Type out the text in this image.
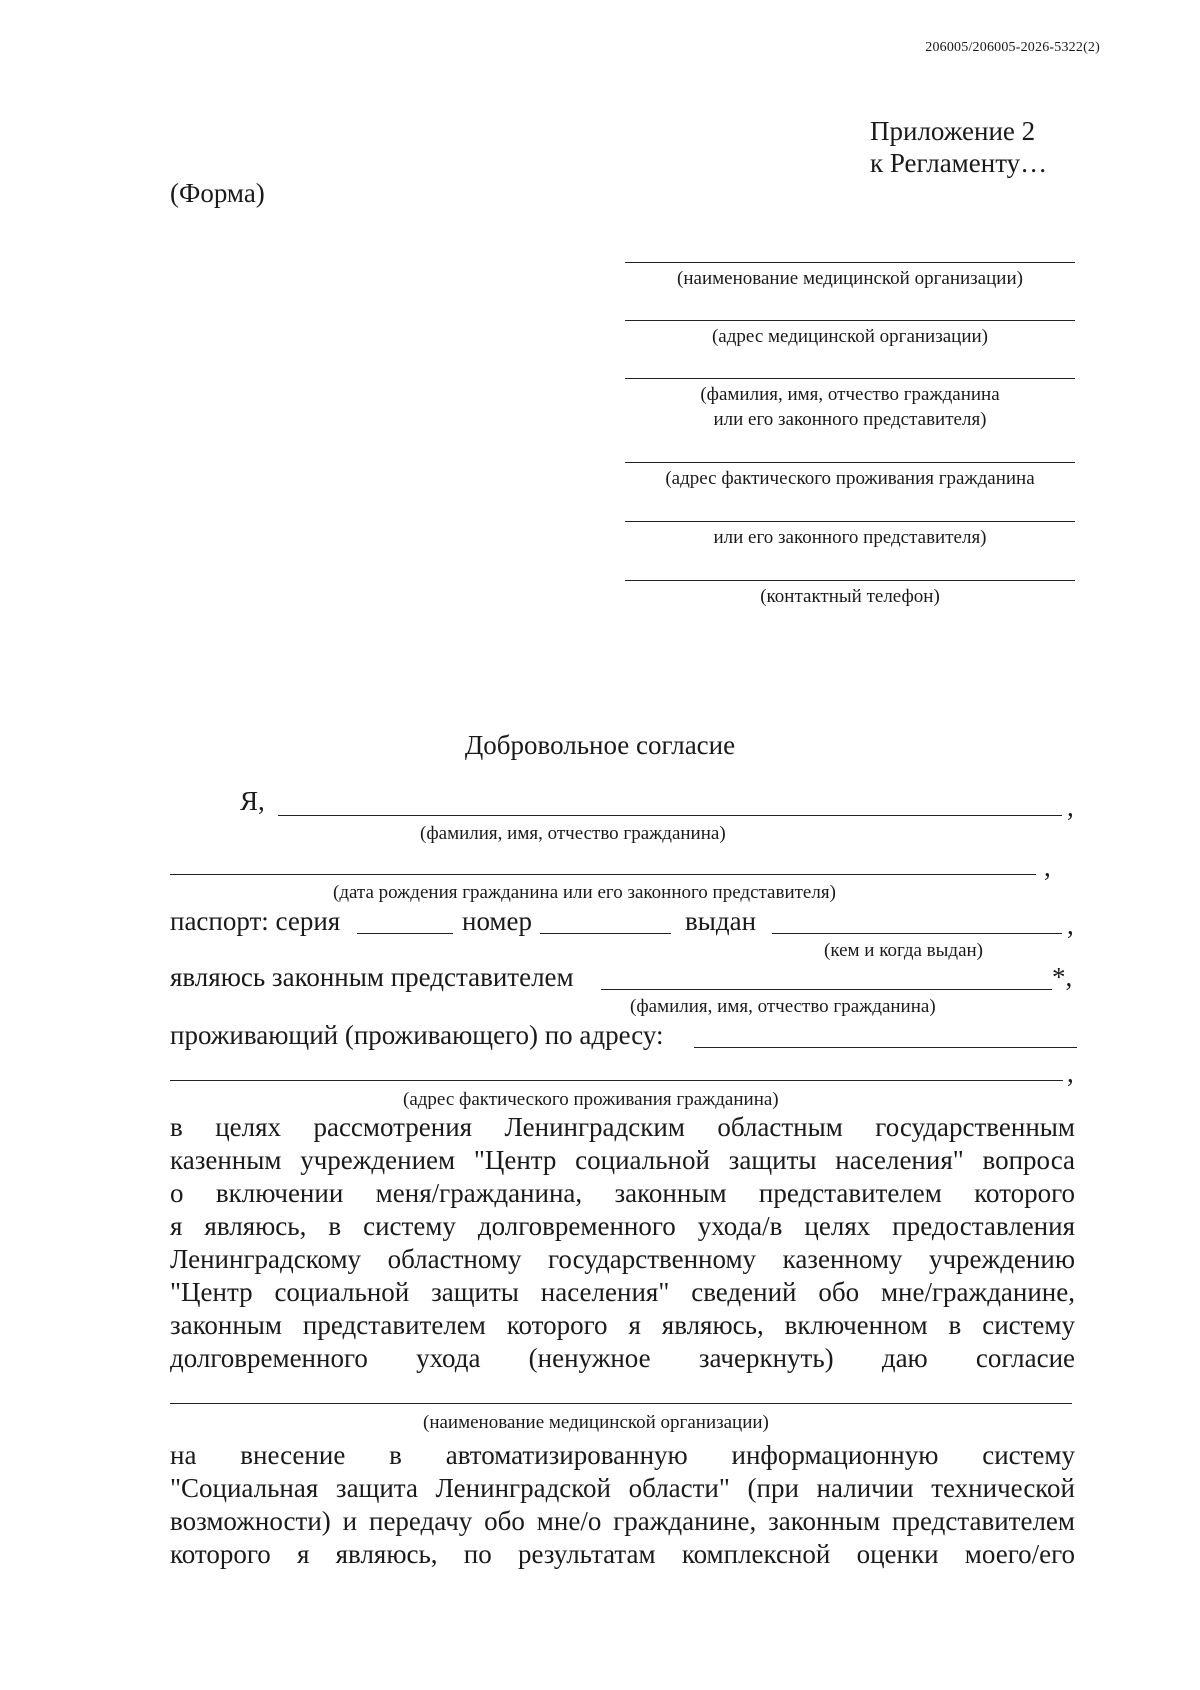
206005/206005-2026-5322(2)
Приложение 2
к Регламенту…
(Форма)
(наименование медицинской организации)
(адрес медицинской организации)
(фамилия, имя, отчество гражданина
или его законного представителя)
(адрес фактического проживания гражданина
или его законного представителя)
(контактный телефон)
Добровольное согласие
Я,	,
(фамилия, имя, отчество гражданина)
,
(дата рождения гражданина или его законного представителя)
паспорт: серия	номер	выдан	,
(кем и когда выдан)
являюсь законным представителем	*,
(фамилия, имя, отчество гражданина)
проживающий (проживающего) по адресу:
,
(адрес фактического проживания гражданина)
в целях рассмотрения Ленинградским областным государственным
казенным учреждением "Центр социальной защиты населения" вопроса
о включении меня/гражданина, законным представителем которого
я являюсь, в систему долговременного ухода/в целях предоставления
Ленинградскому областному государственному казенному учреждению
"Центр социальной защиты населения" сведений обо мне/гражданине,
законным представителем которого я являюсь, включенном в систему
долговременного ухода (ненужное зачеркнуть) даю согласие
(наименование медицинской организации)
на внесение в автоматизированную информационную систему
"Социальная защита Ленинградской области" (при наличии технической
возможности) и передачу обо мне/о гражданине, законным представителем
которого я являюсь, по результатам комплексной оценки моего/его
